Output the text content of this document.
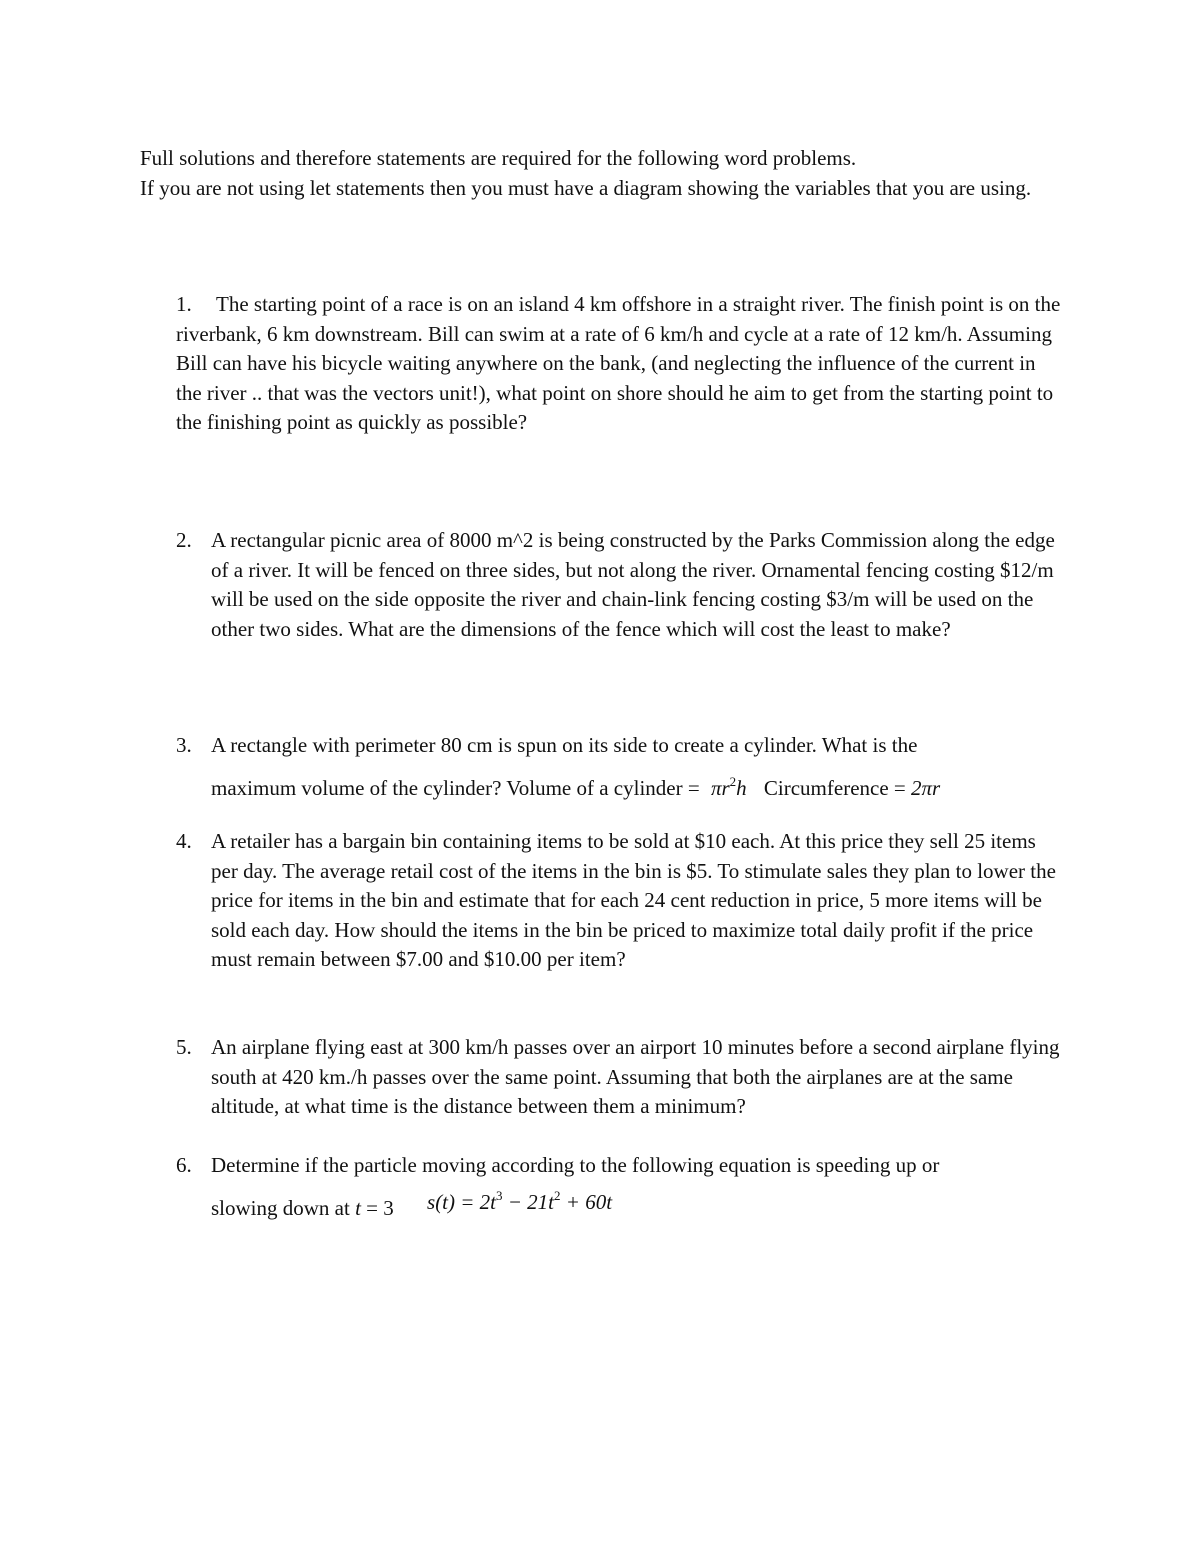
Full solutions and therefore statements are required for the following word problems.

If you are not using let statements then you must have a diagram showing the variables that you are using.

1. The starting point of a race is on an island 4 km offshore in a straight river. The finish point is on the riverbank, 6 km downstream. Bill can swim at a rate of 6 km/h and cycle at a rate of 12 km/h. Assuming Bill can have his bicycle waiting anywhere on the bank, (and neglecting the influence of the current in the river .. that was the vectors unit!), what point on shore should he aim to get from the starting point to the finishing point as quickly as possible?
2. A rectangular picnic area of 8000 m^2 is being constructed by the Parks Commission along the edge of a river. It will be fenced on three sides, but not along the river. Ornamental fencing costing $12/m will be used on the side opposite the river and chain-link fencing costing $3/m will be used on the other two sides. What are the dimensions of the fence which will cost the least to make?
3. A rectangle with perimeter 80 cm is spun on its side to create a cylinder. What is the
maximum volume of the cylinder? Volume of a cylinder = $\pi r^2h$ Circumference = 2πr
4. A retailer has a bargain bin containing items to be sold at $10 each. At this price they sell 25 items per day. The average retail cost of the items in the bin is $5. To stimulate sales they plan to lower the price for items in the bin and estimate that for each 24 cent reduction in price, 5 more items will be sold each day. How should the items in the bin be priced to maximize total daily profit if the price must remain between $7.00 and $10.00 per item?
5. An airplane flying east at 300 km/h passes over an airport 10 minutes before a second airplane flying south at 420 km./h passes over the same point. Assuming that both the airplanes are at the same altitude, at what time is the distance between them a minimum?
6. Determine if the particle moving according to the following equation is speeding up or
slowing down at t = 3 $s(t) = 2t^3 - 21t^2 + 60t$
